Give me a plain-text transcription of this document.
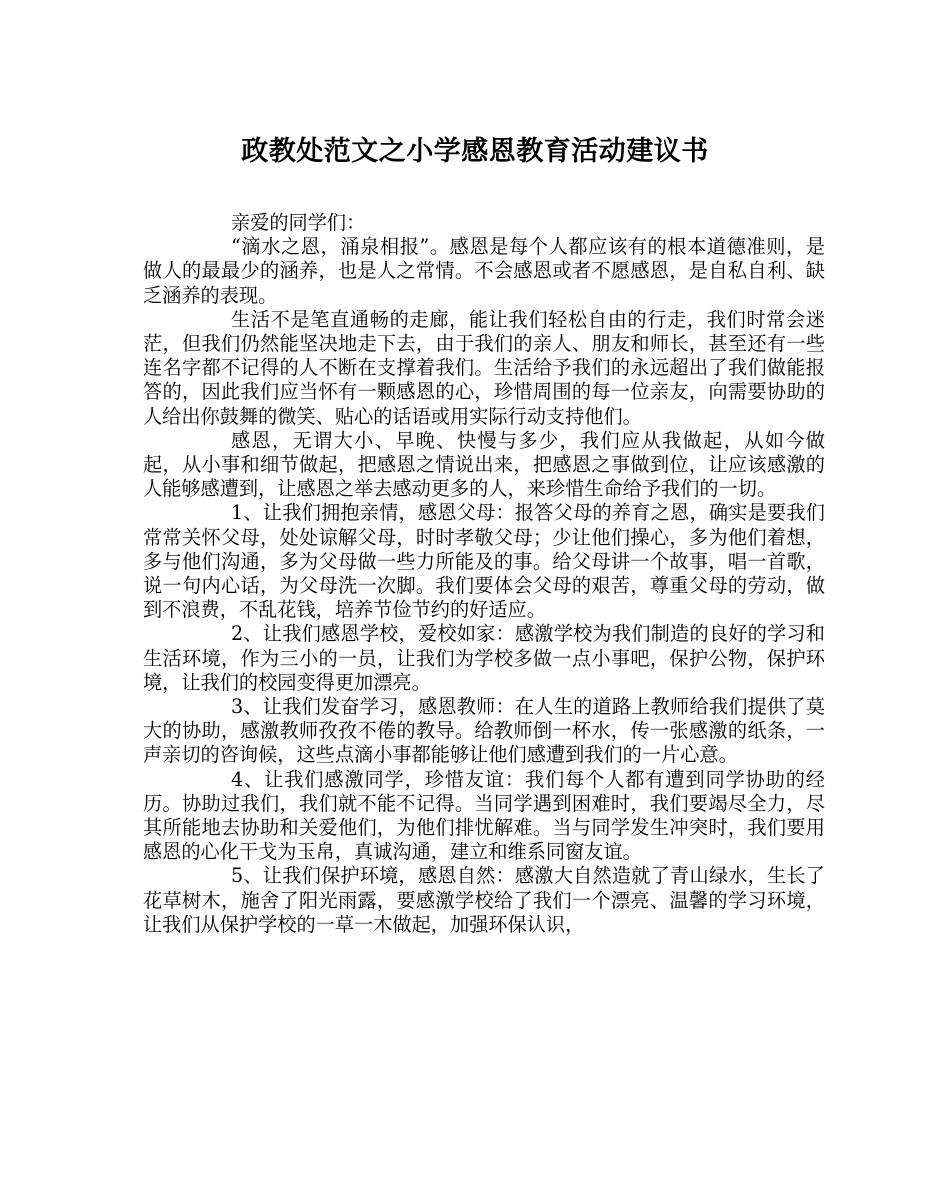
政教处范文之小学感恩教育活动建议书

亲爱的同学们：

“滴水之恩，涌泉相报”。感恩是每个人都应该有的根本道德准则，是做人的最最少的涵养，也是人之常情。不会感恩或者不愿感恩，是自私自利、缺乏涵养的表现。

生活不是笔直通畅的走廊，能让我们轻松自由的行走，我们时常会迷茫，但我们仍然能坚决地走下去，由于我们的亲人、朋友和师长，甚至还有一些连名字都不记得的人不断在支撑着我们。生活给予我们的永远超出了我们做能报答的，因此我们应当怀有一颗感恩的心，珍惜周围的每一位亲友，向需要协助的人给出你鼓舞的微笑、贴心的话语或用实际行动支持他们。

感恩，无谓大小、早晚、快慢与多少，我们应从我做起，从如今做起，从小事和细节做起，把感恩之情说出来，把感恩之事做到位，让应该感激的人能够感遭到，让感恩之举去感动更多的人，来珍惜生命给予我们的一切。

1、让我们拥抱亲情，感恩父母：报答父母的养育之恩，确实是要我们常常关怀父母，处处谅解父母，时时孝敬父母；少让他们操心，多为他们着想，多与他们沟通，多为父母做一些力所能及的事。给父母讲一个故事，唱一首歌，说一句内心话，为父母洗一次脚。我们要体会父母的艰苦，尊重父母的劳动，做到不浪费，不乱花钱，培养节俭节约的好适应。

2、让我们感恩学校，爱校如家：感激学校为我们制造的良好的学习和生活环境，作为三小的一员，让我们为学校多做一点小事吧，保护公物，保护环境，让我们的校园变得更加漂亮。

3、让我们发奋学习，感恩教师：在人生的道路上教师给我们提供了莫大的协助，感激教师孜孜不倦的教导。给教师倒一杯水，传一张感激的纸条，一声亲切的咨询候，这些点滴小事都能够让他们感遭到我们的一片心意。

4、让我们感激同学，珍惜友谊：我们每个人都有遭到同学协助的经历。协助过我们，我们就不能不记得。当同学遇到困难时，我们要竭尽全力，尽其所能地去协助和关爱他们，为他们排忧解难。当与同学发生冲突时，我们要用感恩的心化干戈为玉帛，真诚沟通，建立和维系同窗友谊。

5、让我们保护环境，感恩自然：感激大自然造就了青山绿水，生长了花草树木，施舍了阳光雨露，要感激学校给了我们一个漂亮、温馨的学习环境，让我们从保护学校的一草一木做起，加强环保认识，
